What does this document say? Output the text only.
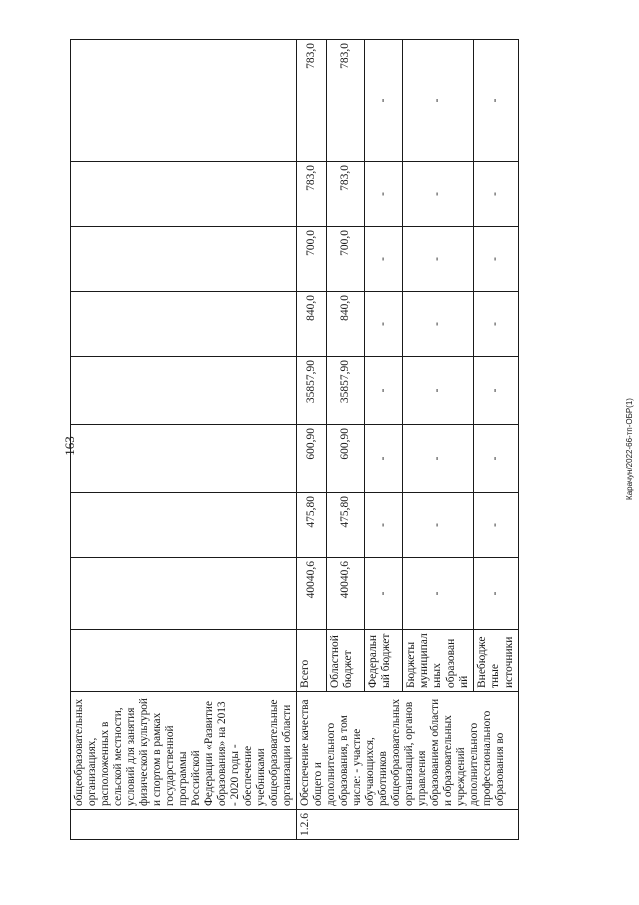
163	Карачун/2022-66-тп-ОБР(1)
	общеобразовательных организациях, расположенных в сельской местности, условий для занятия физической культурой и спортом в рамках государственной программы Российской Федерации «Развитие образования» на 2013 - 2020 годы - обеспечение учебниками общеобразовательные организации области									
1.2.6	Обеспечение качества общего и дополнительного образования, в том числе: - участие обучающихся, работников общеобразовательных организаций, органов управления образованием области и образовательных учреждений дополнительного профессионального образования во	Всего	40040,6	475,80	600,90	35857,90	840,0	700,0	783,0	783,0
		Областной бюджет	40040,6	475,80	600,90	35857,90	840,0	700,0	783,0	783,0
		Федеральный бюджет	-	-	-	-	-	-	-	-
		Бюджеты муниципальных образований	-	-	-	-	-	-	-	-
		Внебюджетные источники	-	-	-	-	-	-	-	-
